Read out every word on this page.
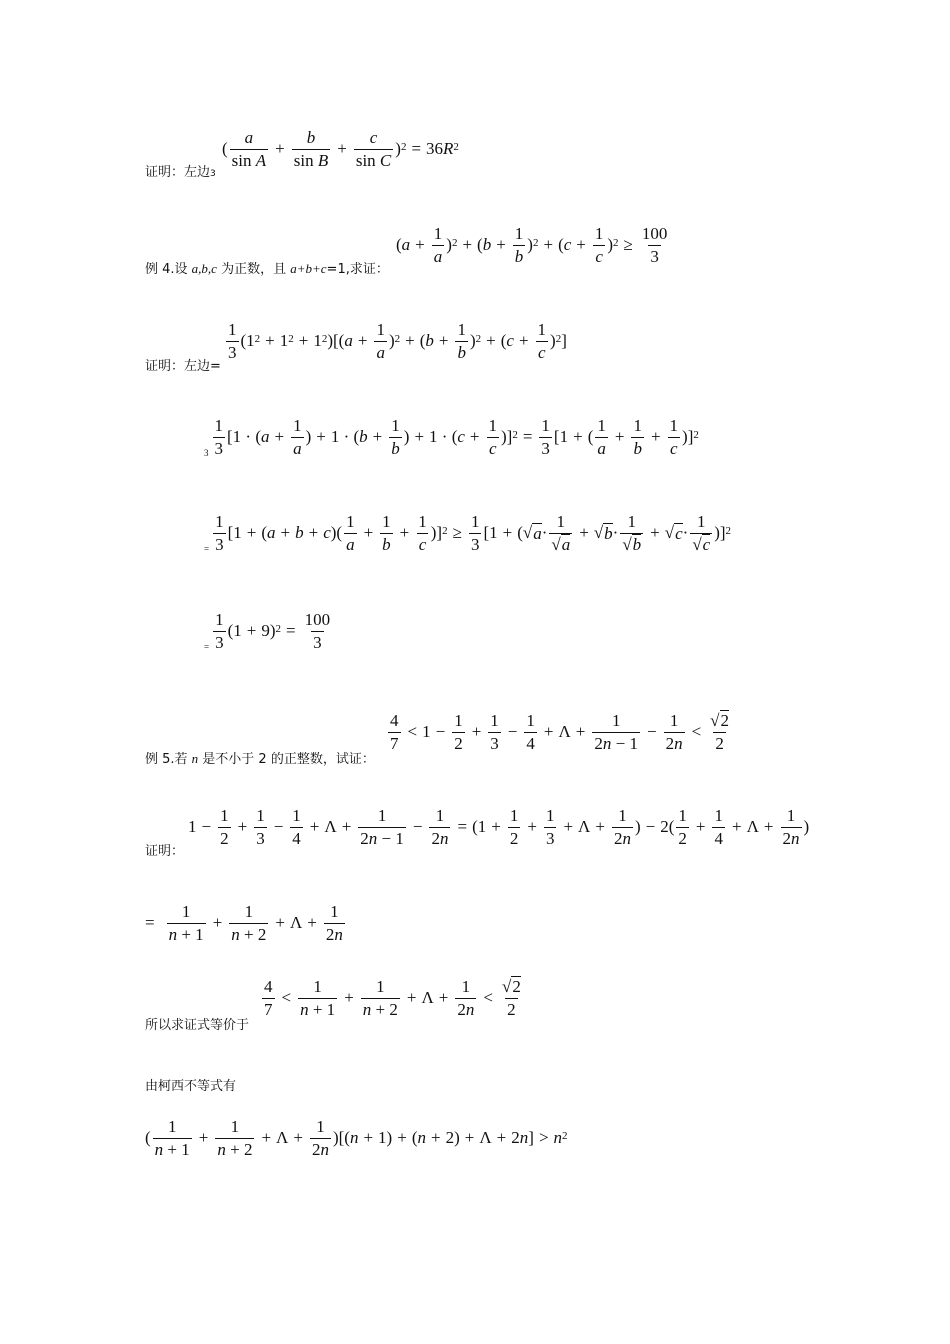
证明：左边3
( $\frac{a}{\text{sin A}} + \frac{b}{\text{sin B}} + \frac{c}{\text{sin C}} )^2 = 36$ $R^2$
例 4.设 a,b,c 为正数，且 a+b+c=1,求证：
( $a + \frac{1}{a} )^2$ + ( $b + \frac{1}{b} )^2$ + ( $c + \frac{1}{c} )^2 \ge \frac{100}{3}$
证明：左边=
$\frac{1}{3} (1^2 + 1^2 + 1^2$ )[( $a + \frac{1}{a} )^2$ + ( $b + \frac{1}{b} )^2$ + ( $c + \frac{1}{c} )^2$ ]
$3 \frac{1}{3} [1$ · ( $a + \frac{1}{a}$ ) + 1 · ( $b + \frac{1}{b}$ ) + 1 · ( $c + \frac{1}{c} )]^2 = \frac{1}{3} [1$ + ( $\frac{1}{a} + \frac{1}{b} + \frac{1}{c} )]^2$
= $\frac{1}{3} [1$ + ( a + b + c )( $\frac{1}{a} + \frac{1}{b} + \frac{1}{c} )]^2 \ge \frac{1}{3} [1$ + (√ $a \cdot \frac{1}{√a}$ + √ $b \cdot \frac{1}{√b}$ + √ $c \cdot \frac{1}{√c} )]^2$
= $\frac{1}{3} (1 + 9)^2 = \frac{100}{3}$
例 5.若 n 是不小于 2 的正整数，试证：
$\frac{4}{7} < 1 - \frac{1}{2} + \frac{1}{3} - \frac{1}{4} + \Lambda + \frac{1}{2n - 1} - \frac{1}{2n} < \frac{√2}{2}$
证明：
$1 - \frac{1}{2} + \frac{1}{3} - \frac{1}{4} + \Lambda + \frac{1}{2n - 1} - \frac{1}{2n} = (1 + \frac{1}{2} + \frac{1}{3} + \Lambda + \frac{1}{2n}$ ) − $2( \frac{1}{2} + \frac{1}{4} + \Lambda + \frac{1}{2n}$ )
= $\frac{1}{n + 1} + \frac{1}{n + 2} + \Lambda + \frac{1}{2n}$
所以求证式等价于
$\frac{4}{7} < \frac{1}{n + 1} + \frac{1}{n + 2} + \Lambda + \frac{1}{2n} < \frac{√2}{2}$
由柯西不等式有
( $\frac{1}{n + 1} + \frac{1}{n + 2} + \Lambda + \frac{1}{2n}$ )[( n + 1) + ( n + 2) + Λ + 2 n ] > $n^2$
